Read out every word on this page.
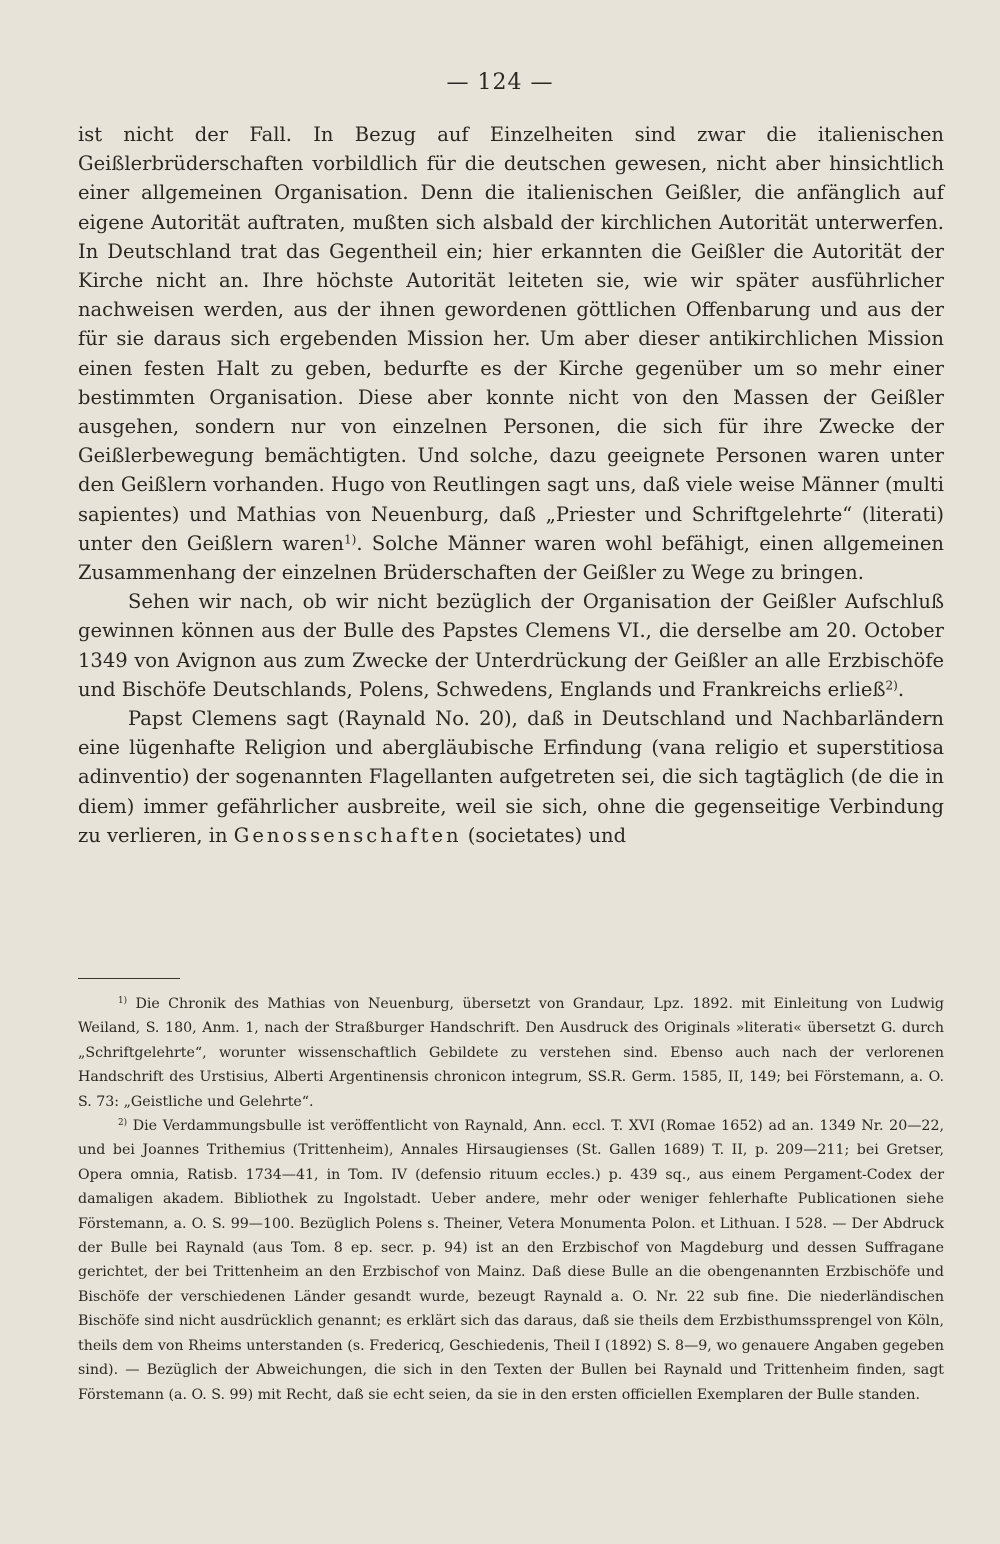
— 124 —

ist nicht der Fall. In Bezug auf Einzelheiten sind zwar die italienischen Geißlerbrüderschaften vorbildlich für die deutschen gewesen, nicht aber hinsichtlich einer allgemeinen Organisation. Denn die italienischen Geißler, die anfänglich auf eigene Autorität auftraten, mußten sich alsbald der kirchlichen Autorität unterwerfen. In Deutschland trat das Gegentheil ein; hier erkannten die Geißler die Autorität der Kirche nicht an. Ihre höchste Autorität leiteten sie, wie wir später ausführlicher nachweisen werden, aus der ihnen gewordenen göttlichen Offenbarung und aus der für sie daraus sich ergebenden Mission her. Um aber dieser antikirchlichen Mission einen festen Halt zu geben, bedurfte es der Kirche gegenüber um so mehr einer bestimmten Organisation. Diese aber konnte nicht von den Massen der Geißler ausgehen, sondern nur von einzelnen Personen, die sich für ihre Zwecke der Geißlerbewegung bemächtigten. Und solche, dazu geeignete Personen waren unter den Geißlern vorhanden. Hugo von Reutlingen sagt uns, daß viele weise Männer (multi sapientes) und Mathias von Neuenburg, daß „Priester und Schriftgelehrte“ (literati) unter den Geißlern waren$^{1)}$. Solche Männer waren wohl befähigt, einen allgemeinen Zusammenhang der einzelnen Brüderschaften der Geißler zu Wege zu bringen.

Sehen wir nach, ob wir nicht bezüglich der Organisation der Geißler Aufschluß gewinnen können aus der Bulle des Papstes Clemens VI., die derselbe am 20. October 1349 von Avignon aus zum Zwecke der Unterdrückung der Geißler an alle Erzbischöfe und Bischöfe Deutschlands, Polens, Schwedens, Englands und Frankreichs erließ$^{2)}$.

Papst Clemens sagt (Raynald No. 20), daß in Deutschland und Nachbarländern eine lügenhafte Religion und abergläubische Erfindung (vana religio et superstitiosa adinventio) der sogenannten Flagellanten aufgetreten sei, die sich tagtäglich (de die in diem) immer gefährlicher ausbreite, weil sie sich, ohne die gegenseitige Verbindung zu verlieren, in Genossenschaften (societates) und

$^{1)}$ Die Chronik des Mathias von Neuenburg, übersetzt von Grandaur, Lpz. 1892. mit Einleitung von Ludwig Weiland, S. 180, Anm. 1, nach der Straßburger Handschrift. Den Ausdruck des Originals »literati« übersetzt G. durch „Schriftgelehrte“, worunter wissenschaftlich Gebildete zu verstehen sind. Ebenso auch nach der verlorenen Handschrift des Urstisius, Alberti Argentinensis chronicon integrum, SS.R. Germ. 1585, II, 149; bei Förstemann, a. O. S. 73: „Geistliche und Gelehrte“.

$^{2)}$ Die Verdammungsbulle ist veröffentlicht von Raynald, Ann. eccl. T. XVI (Romae 1652) ad an. 1349 Nr. 20—22, und bei Joannes Trithemius (Trittenheim), Annales Hirsaugienses (St. Gallen 1689) T. II, p. 209—211; bei Gretser, Opera omnia, Ratisb. 1734—41, in Tom. IV (defensio rituum eccles.) p. 439 sq., aus einem Pergament-Codex der damaligen akadem. Bibliothek zu Ingolstadt. Ueber andere, mehr oder weniger fehlerhafte Publicationen siehe Förstemann, a. O. S. 99—100. Bezüglich Polens s. Theiner, Vetera Monumenta Polon. et Lithuan. I 528. — Der Abdruck der Bulle bei Raynald (aus Tom. 8 ep. secr. p. 94) ist an den Erzbischof von Magdeburg und dessen Suffragane gerichtet, der bei Trittenheim an den Erzbischof von Mainz. Daß diese Bulle an die obengenannten Erzbischöfe und Bischöfe der verschiedenen Länder gesandt wurde, bezeugt Raynald a. O. Nr. 22 sub fine. Die niederländischen Bischöfe sind nicht ausdrücklich genannt; es erklärt sich das daraus, daß sie theils dem Erzbisthumssprengel von Köln, theils dem von Rheims unterstanden (s. Fredericq, Geschiedenis, Theil I (1892) S. 8—9, wo genauere Angaben gegeben sind). — Bezüglich der Abweichungen, die sich in den Texten der Bullen bei Raynald und Trittenheim finden, sagt Förstemann (a. O. S. 99) mit Recht, daß sie echt seien, da sie in den ersten officiellen Exemplaren der Bulle standen.
